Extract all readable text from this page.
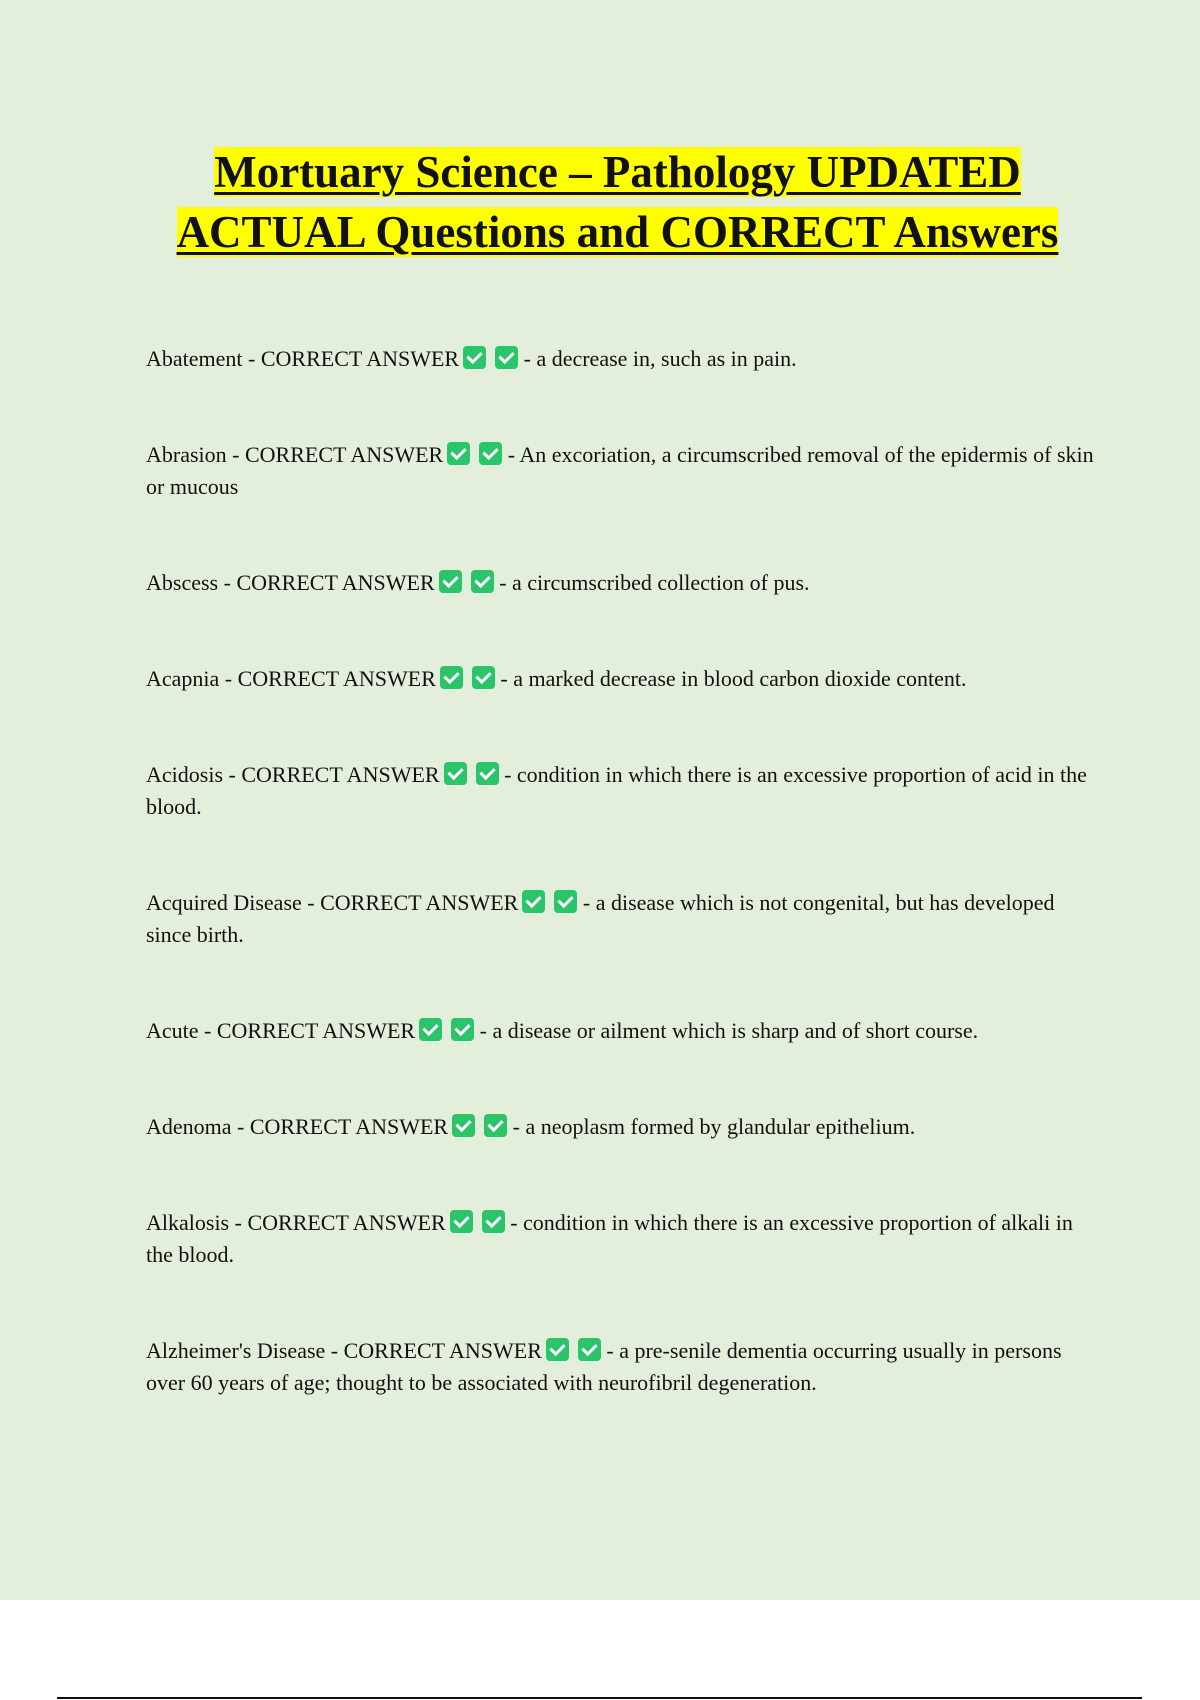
Mortuary Science – Pathology UPDATED ACTUAL Questions and CORRECT Answers

Abatement - CORRECT ANSWER	- a decrease in, such as in pain.

Abrasion - CORRECT ANSWER	- An excoriation, a circumscribed removal of the epidermis of skin or mucous

Abscess - CORRECT ANSWER	- a circumscribed collection of pus.

Acapnia - CORRECT ANSWER	- a marked decrease in blood carbon dioxide content.

Acidosis - CORRECT ANSWER	- condition in which there is an excessive proportion of acid in the blood.

Acquired Disease - CORRECT ANSWER	- a disease which is not congenital, but has developed since birth.

Acute - CORRECT ANSWER	- a disease or ailment which is sharp and of short course.

Adenoma - CORRECT ANSWER	- a neoplasm formed by glandular epithelium.

Alkalosis - CORRECT ANSWER	- condition in which there is an excessive proportion of alkali in the blood.

Alzheimer's Disease - CORRECT ANSWER	- a pre-senile dementia occurring usually in persons over 60 years of age; thought to be associated with neurofibril degeneration.
